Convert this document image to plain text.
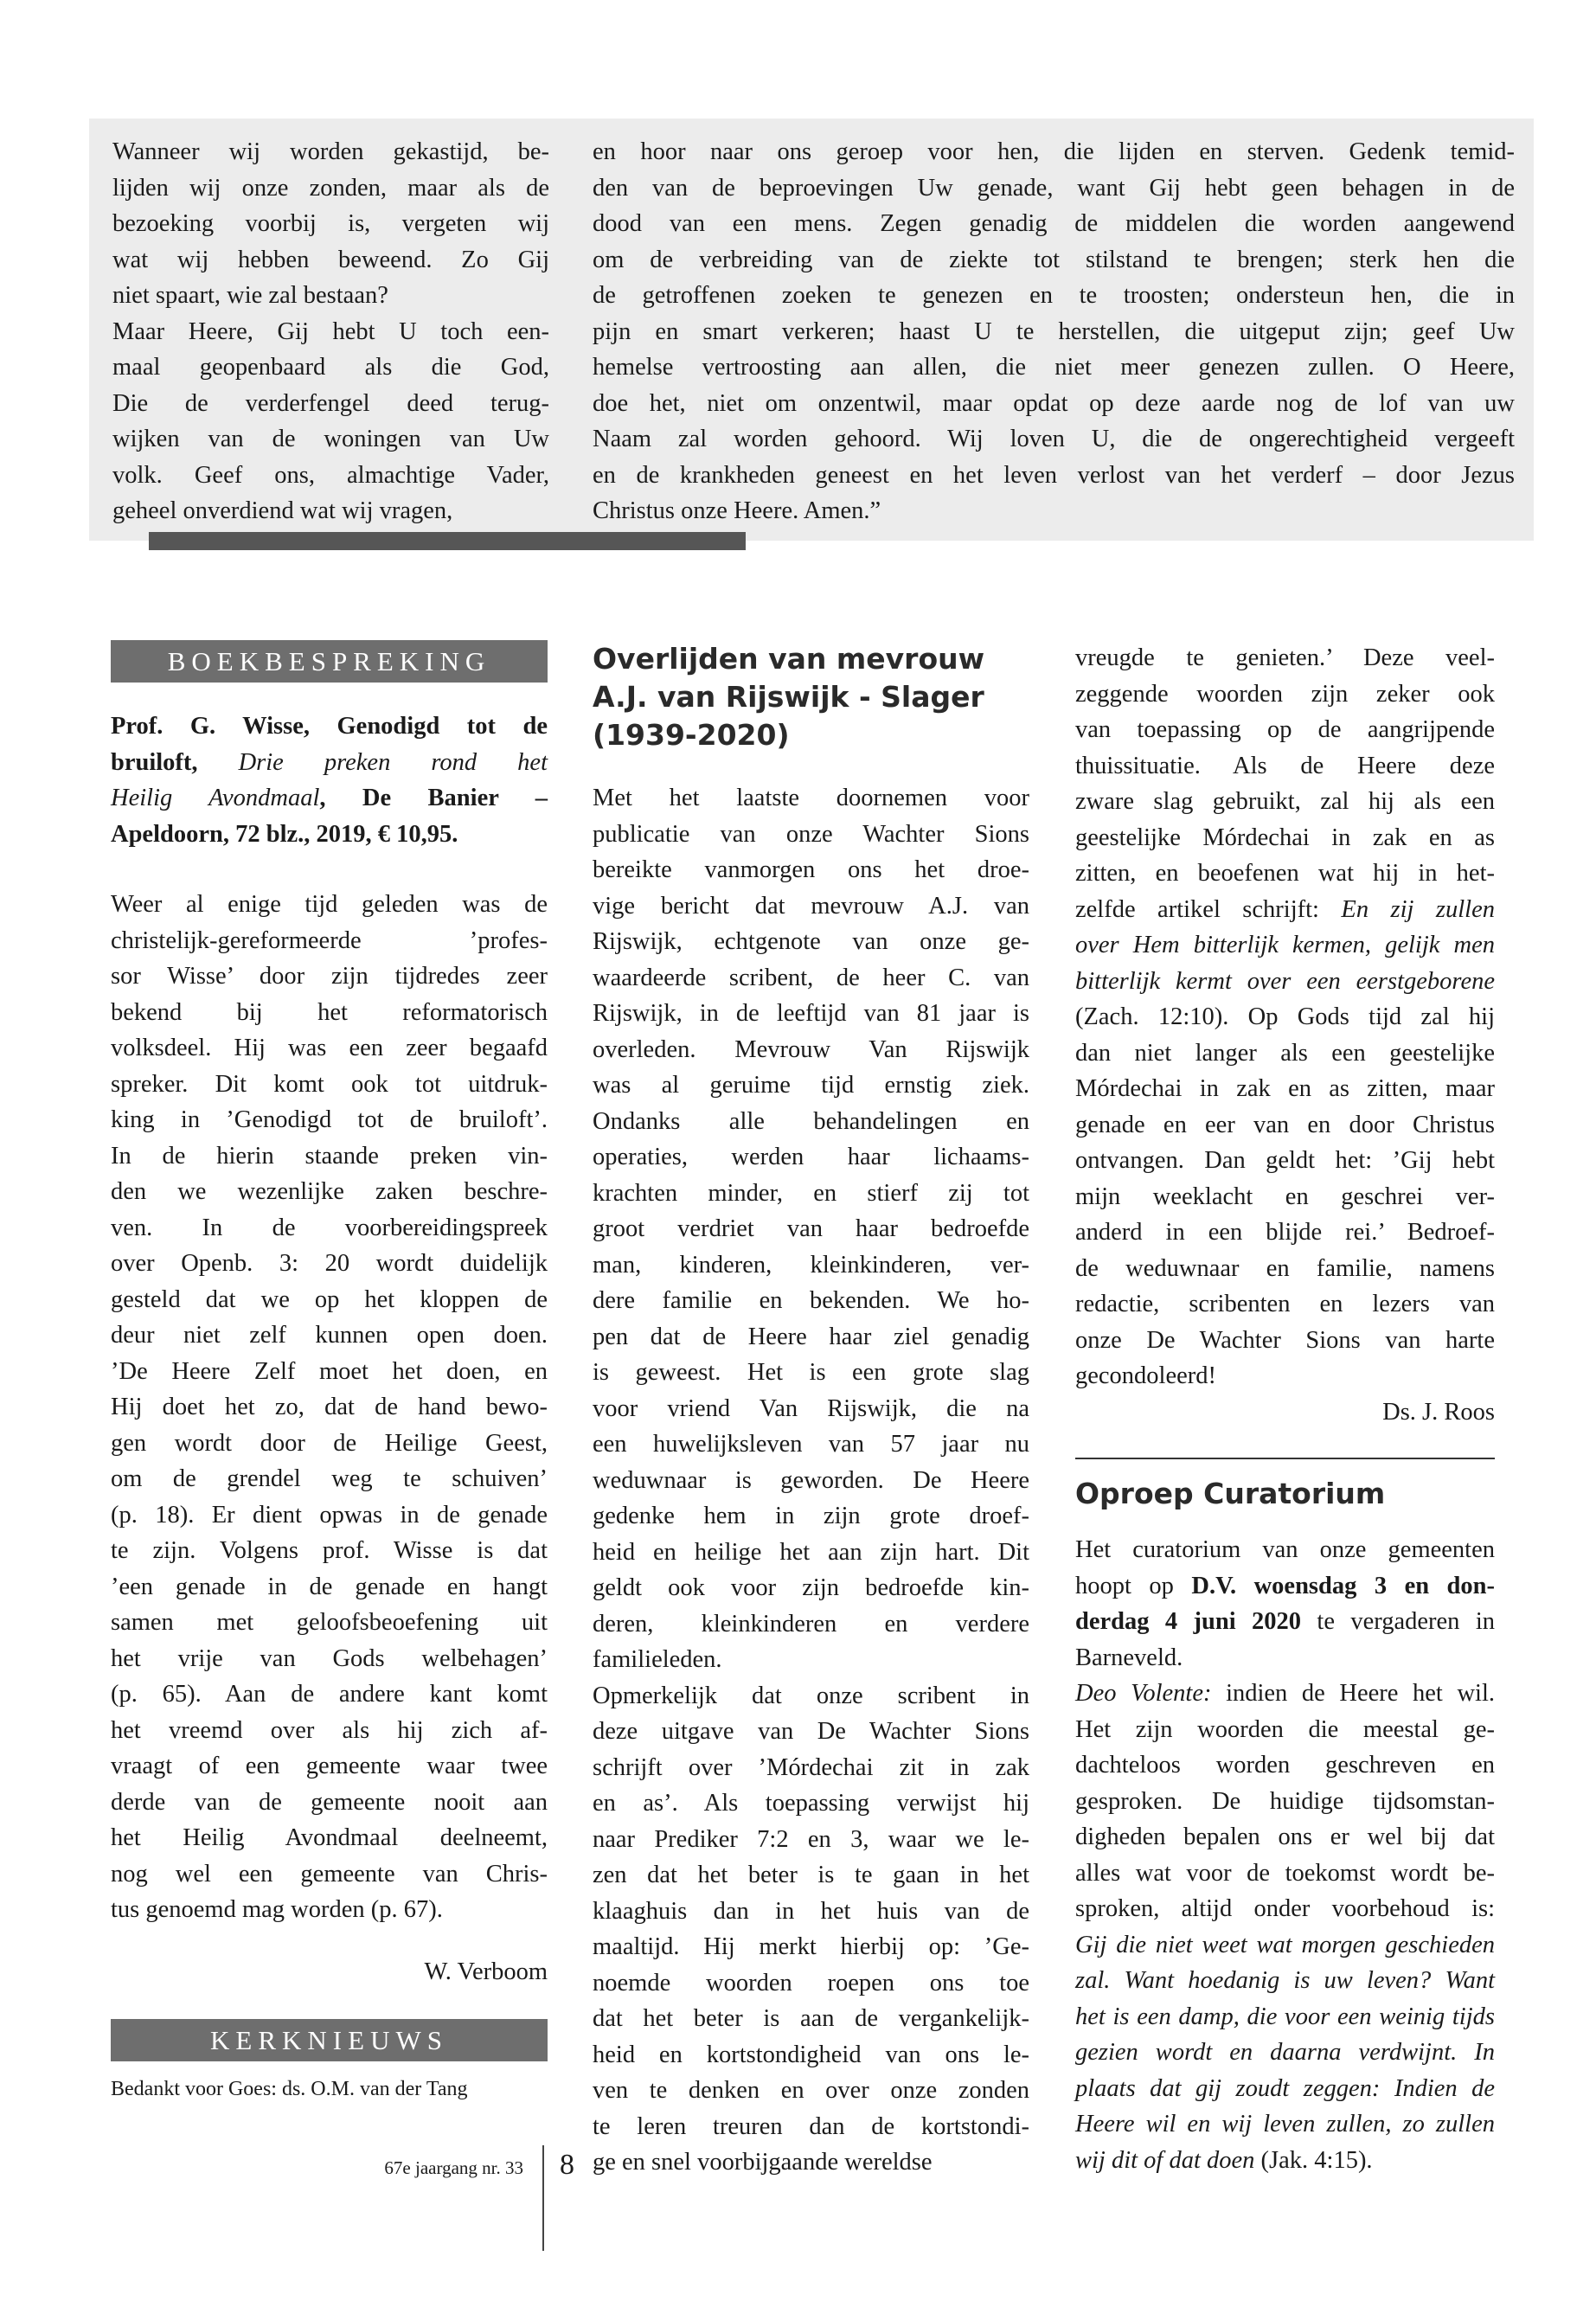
Wanneer wij worden gekastijd, be-
lijden wij onze zonden, maar als de
bezoeking voorbij is, vergeten wij
wat wij hebben beweend. Zo Gij
niet spaart, wie zal bestaan?
Maar Heere, Gij hebt U toch een-
maal geopenbaard als die God,
Die de verderfengel deed terug-
wijken van de woningen van Uw
volk. Geef ons, almachtige Vader,
geheel onverdiend wat wij vragen,
en hoor naar ons geroep voor hen, die lijden en sterven. Gedenk temid-
den van de beproevingen Uw genade, want Gij hebt geen behagen in de
dood van een mens. Zegen genadig de middelen die worden aangewend
om de verbreiding van de ziekte tot stilstand te brengen; sterk hen die
de getroffenen zoeken te genezen en te troosten; ondersteun hen, die in
pijn en smart verkeren; haast U te herstellen, die uitgeput zijn; geef Uw
hemelse vertroosting aan allen, die niet meer genezen zullen. O Heere,
doe het, niet om onzentwil, maar opdat op deze aarde nog de lof van uw
Naam zal worden gehoord. Wij loven U, die de ongerechtigheid vergeeft
en de krankheden geneest en het leven verlost van het verderf – door Jezus
Christus onze Heere. Amen.”
BOEKBESPREKING
Prof. G. Wisse, Genodigd tot de
bruiloft, Drie preken rond het
Heilig Avondmaal, De Banier –
Apeldoorn, 72 blz., 2019, € 10,95.
Weer al enige tijd geleden was de
christelijk-gereformeerde ’profes-
sor Wisse’ door zijn tijdredes zeer
bekend bij het reformatorisch
volksdeel. Hij was een zeer begaafd
spreker. Dit komt ook tot uitdruk-
king in ’Genodigd tot de bruiloft’.
In de hierin staande preken vin-
den we wezenlijke zaken beschre-
ven. In de voorbereidingspreek
over Openb. 3: 20 wordt duidelijk
gesteld dat we op het kloppen de
deur niet zelf kunnen open doen.
’De Heere Zelf moet het doen, en
Hij doet het zo, dat de hand bewo-
gen wordt door de Heilige Geest,
om de grendel weg te schuiven’
(p. 18). Er dient opwas in de genade
te zijn. Volgens prof. Wisse is dat
’een genade in de genade en hangt
samen met geloofsbeoefening uit
het vrije van Gods welbehagen’
(p. 65). Aan de andere kant komt
het vreemd over als hij zich af-
vraagt of een gemeente waar twee
derde van de gemeente nooit aan
het Heilig Avondmaal deelneemt,
nog wel een gemeente van Chris-
tus genoemd mag worden (p. 67).
W. Verboom
KERKNIEUWS
Bedankt voor Goes: ds. O.M. van der Tang
Overlijden van mevrouw
A.J. van Rijswijk - Slager
(1939-2020)
Met het laatste doornemen voor
publicatie van onze Wachter Sions
bereikte vanmorgen ons het droe-
vige bericht dat mevrouw A.J. van
Rijswijk, echtgenote van onze ge-
waardeerde scribent, de heer C. van
Rijswijk, in de leeftijd van 81 jaar is
overleden. Mevrouw Van Rijswijk
was al geruime tijd ernstig ziek.
Ondanks alle behandelingen en
operaties, werden haar lichaams-
krachten minder, en stierf zij tot
groot verdriet van haar bedroefde
man, kinderen, kleinkinderen, ver-
dere familie en bekenden. We ho-
pen dat de Heere haar ziel genadig
is geweest. Het is een grote slag
voor vriend Van Rijswijk, die na
een huwelijksleven van 57 jaar nu
weduwnaar is geworden. De Heere
gedenke hem in zijn grote droef-
heid en heilige het aan zijn hart. Dit
geldt ook voor zijn bedroefde kin-
deren, kleinkinderen en verdere
familieleden.
Opmerkelijk dat onze scribent in
deze uitgave van De Wachter Sions
schrijft over ’Mórdechai zit in zak
en as’. Als toepassing verwijst hij
naar Prediker 7:2 en 3, waar we le-
zen dat het beter is te gaan in het
klaaghuis dan in het huis van de
maaltijd. Hij merkt hierbij op: ’Ge-
noemde woorden roepen ons toe
dat het beter is aan de vergankelijk-
heid en kortstondigheid van ons le-
ven te denken en over onze zonden
te leren treuren dan de kortstondi-
ge en snel voorbijgaande wereldse
vreugde te genieten.’ Deze veel-
zeggende woorden zijn zeker ook
van toepassing op de aangrijpende
thuissituatie. Als de Heere deze
zware slag gebruikt, zal hij als een
geestelijke Mórdechai in zak en as
zitten, en beoefenen wat hij in het-
zelfde artikel schrijft: En zij zullen
over Hem bitterlijk kermen, gelijk men
bitterlijk kermt over een eerstgeborene
(Zach. 12:10). Op Gods tijd zal hij
dan niet langer als een geestelijke
Mórdechai in zak en as zitten, maar
genade en eer van en door Christus
ontvangen. Dan geldt het: ’Gij hebt
mijn weeklacht en geschrei ver-
anderd in een blijde rei.’ Bedroef-
de weduwnaar en familie, namens
redactie, scribenten en lezers van
onze De Wachter Sions van harte
gecondoleerd!
Ds. J. Roos
Oproep Curatorium
Het curatorium van onze gemeenten
hoopt op D.V. woensdag 3 en don-
derdag 4 juni 2020 te vergaderen in
Barneveld.
Deo Volente: indien de Heere het wil.
Het zijn woorden die meestal ge-
dachteloos worden geschreven en
gesproken. De huidige tijdsomstan-
digheden bepalen ons er wel bij dat
alles wat voor de toekomst wordt be-
sproken, altijd onder voorbehoud is:
Gij die niet weet wat morgen geschieden
zal. Want hoedanig is uw leven? Want
het is een damp, die voor een weinig tijds
gezien wordt en daarna verdwijnt. In
plaats dat gij zoudt zeggen: Indien de
Heere wil en wij leven zullen, zo zullen
wij dit of dat doen (Jak. 4:15).
67e jaargang nr. 33 8
